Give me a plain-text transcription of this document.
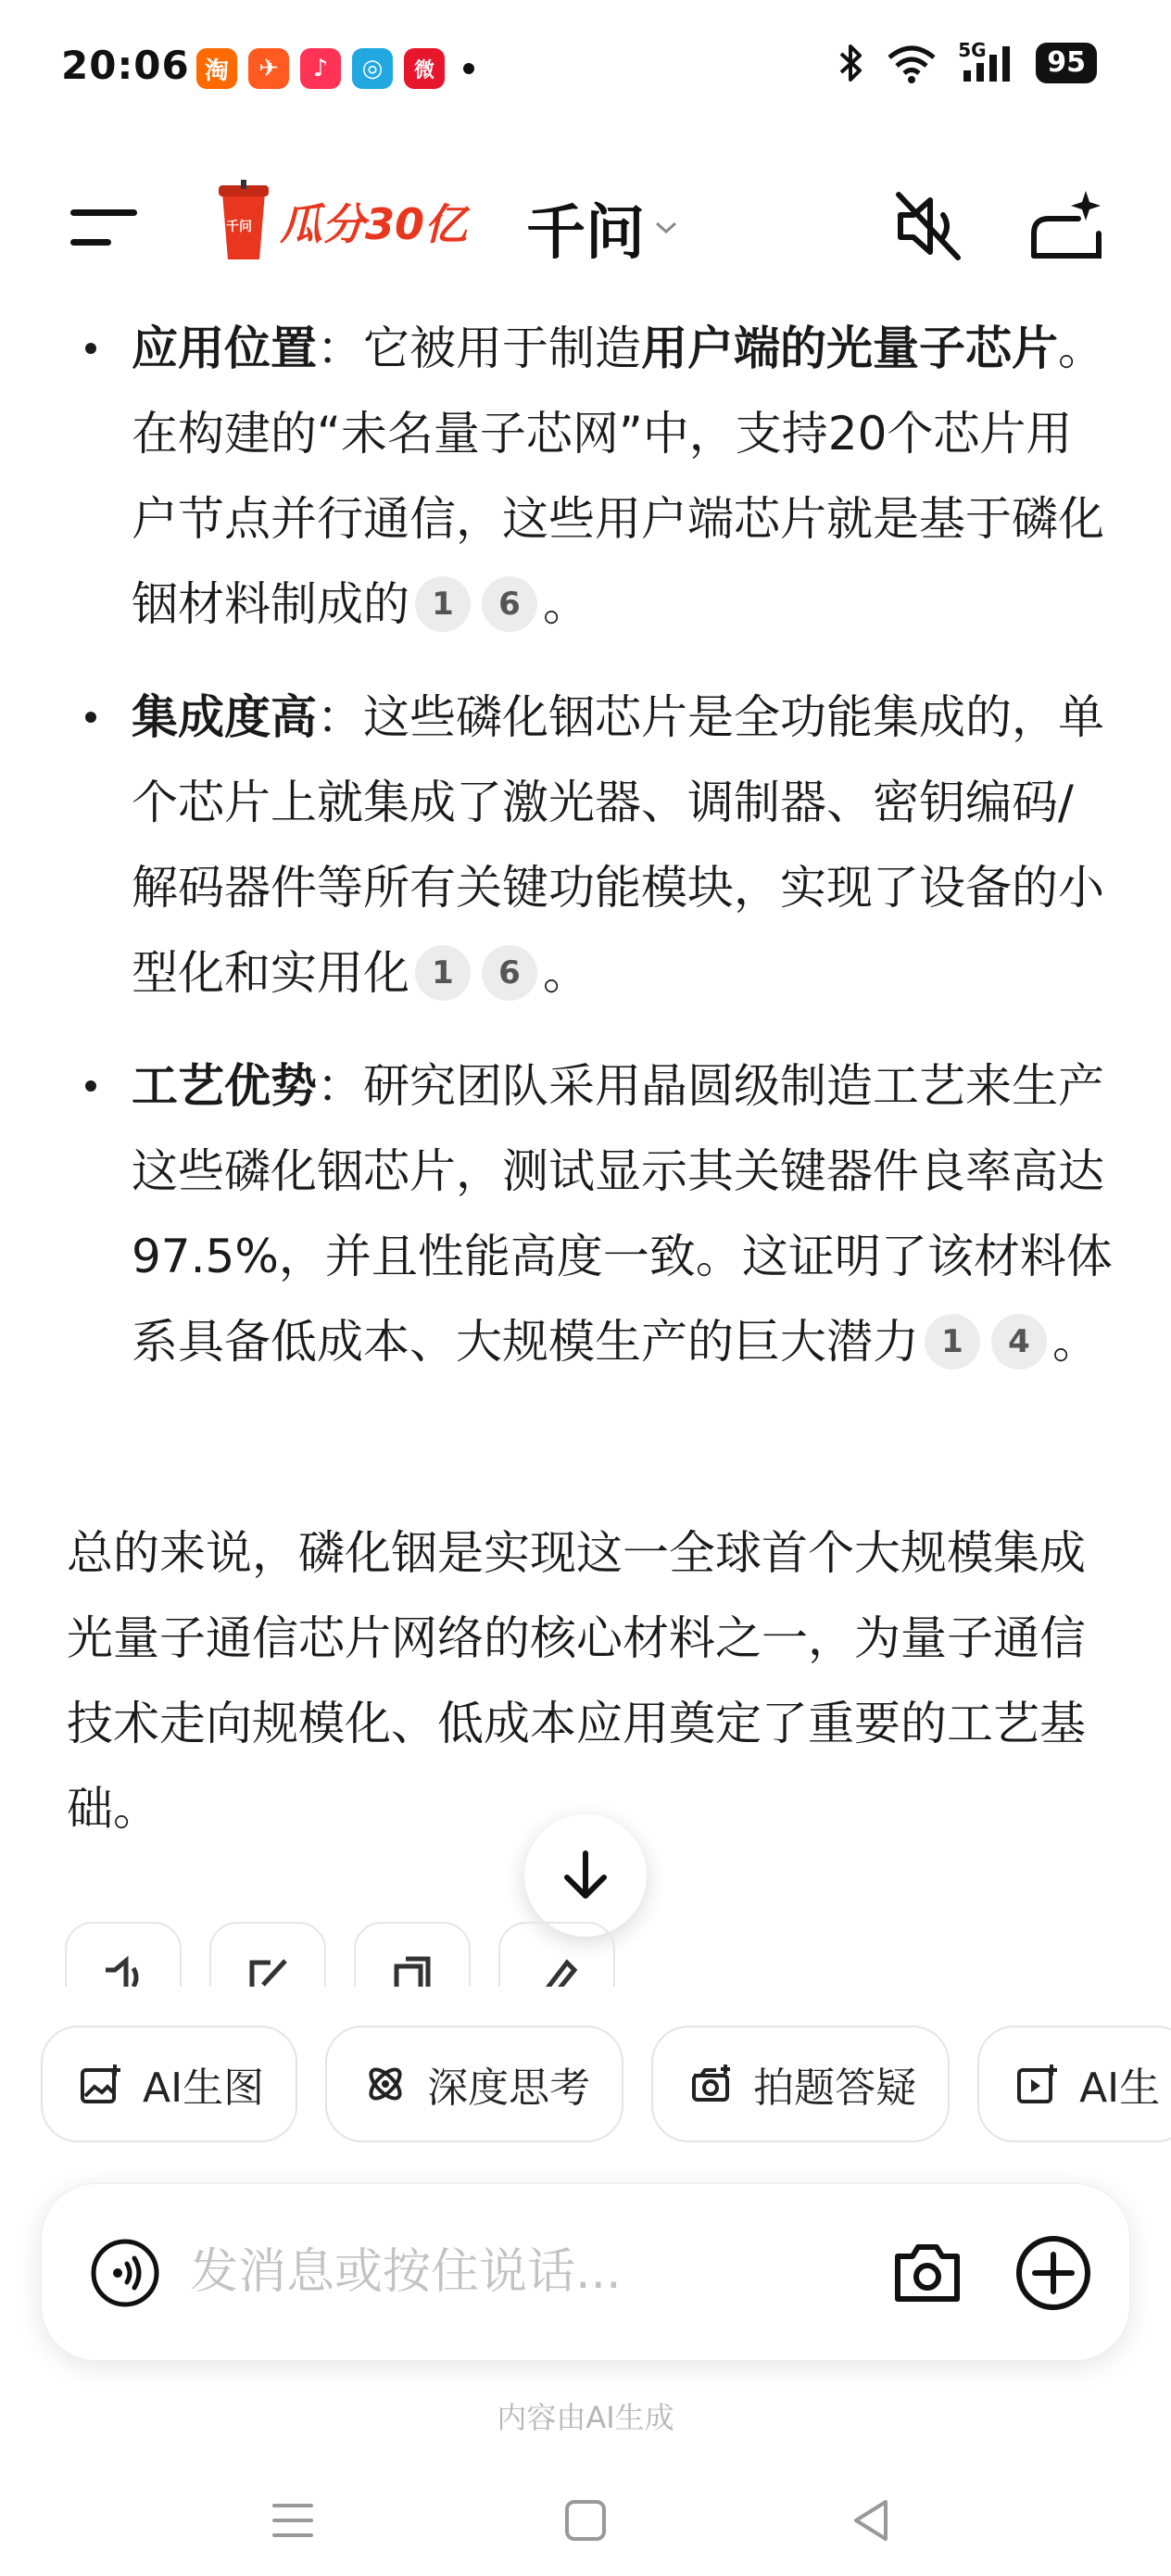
20:06 淘	✈	♪	◎	微
5G	95
千问 瓜分30亿 千问
应用位置：它被用于制造用户端的光量子芯片。在构建的“未名量子芯网”中，支持20个芯片用户节点并行通信，这些用户端芯片就是基于磷化铟材料制成的 1 6 。
集成度高：这些磷化铟芯片是全功能集成的，单个芯片上就集成了激光器、调制器、密钥编码/解码器件等所有关键功能模块，实现了设备的小型化和实用化 1 6 。
工艺优势：研究团队采用晶圆级制造工艺来生产这些磷化铟芯片，测试显示其关键器件良率高达97.5%，并且性能高度一致。这证明了该材料体系具备低成本、大规模生产的巨大潜力 1 4 。
总的来说，磷化铟是实现这一全球首个大规模集成光量子通信芯片网络的核心材料之一，为量子通信技术走向规模化、低成本应用奠定了重要的工艺基础。
AI生图	深度思考	拍题答疑	AI生
发消息或按住说话...
内容由AI生成
